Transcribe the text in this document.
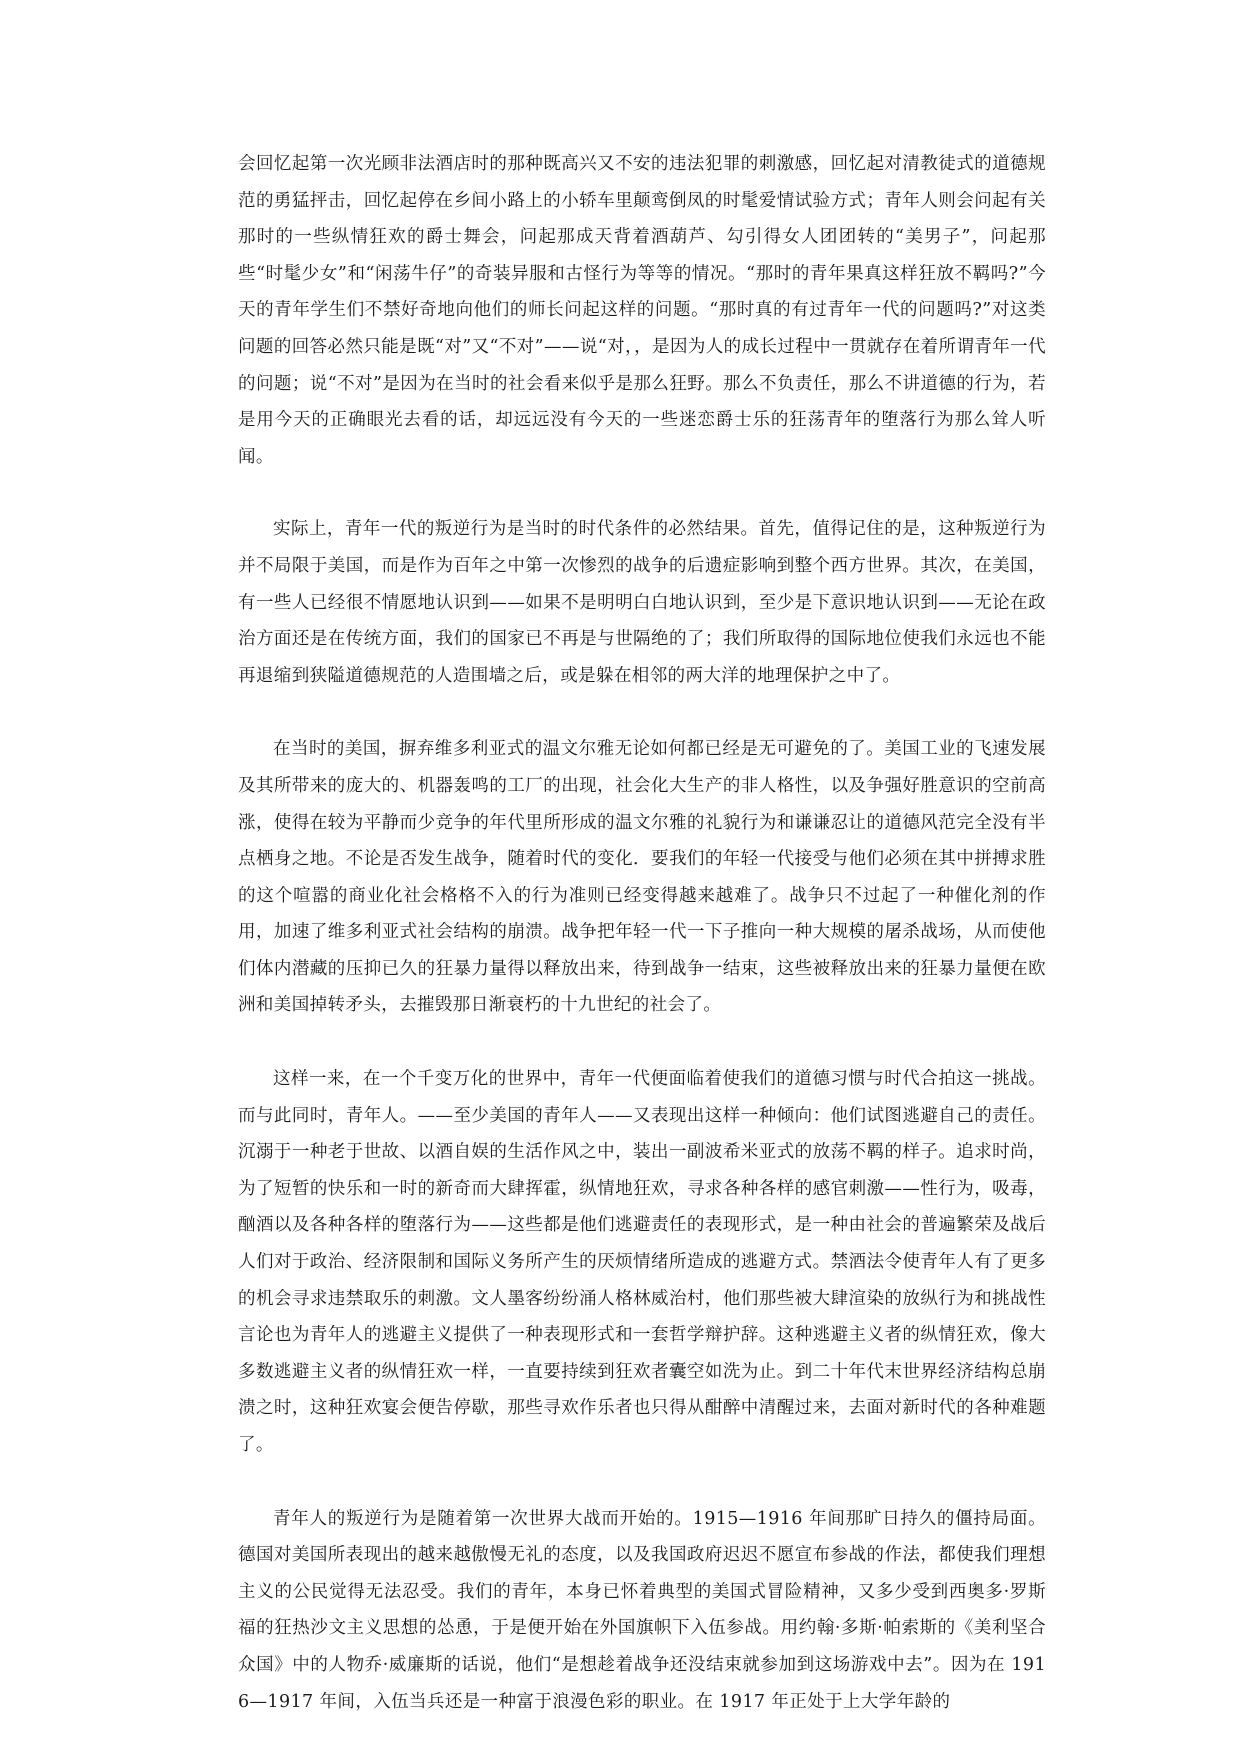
会回忆起第一次光顾非法酒店时的那种既高兴又不安的违法犯罪的刺激感，回忆起对清教徒式的道德规范的勇猛抨击，回忆起停在乡间小路上的小轿车里颠鸾倒凤的时髦爱情试验方式；青年人则会问起有关那时的一些纵情狂欢的爵士舞会，问起那成天背着酒葫芦、勾引得女人团团转的“美男子”，问起那些“时髦少女”和“闲荡牛仔”的奇装异服和古怪行为等等的情况。“那时的青年果真这样狂放不羁吗?”今天的青年学生们不禁好奇地向他们的师长问起这样的问题。“那时真的有过青年一代的问题吗?”对这类问题的回答必然只能是既“对”又“不对”——说“对，，是因为人的成长过程中一贯就存在着所谓青年一代的问题；说“不对”是因为在当时的社会看来似乎是那么狂野。那么不负责任，那么不讲道德的行为，若是用今天的正确眼光去看的话，却远远没有今天的一些迷恋爵士乐的狂荡青年的堕落行为那么耸人听闻。

实际上，青年一代的叛逆行为是当时的时代条件的必然结果。首先，值得记住的是，这种叛逆行为并不局限于美国，而是作为百年之中第一次惨烈的战争的后遗症影响到整个西方世界。其次，在美国，有一些人已经很不情愿地认识到——如果不是明明白白地认识到，至少是下意识地认识到——无论在政治方面还是在传统方面，我们的国家已不再是与世隔绝的了；我们所取得的国际地位使我们永远也不能再退缩到狭隘道德规范的人造围墙之后，或是躲在相邻的两大洋的地理保护之中了。

在当时的美国，摒弃维多利亚式的温文尔雅无论如何都已经是无可避免的了。美国工业的飞速发展及其所带来的庞大的、机器轰鸣的工厂的出现，社会化大生产的非人格性，以及争强好胜意识的空前高涨，使得在较为平静而少竞争的年代里所形成的温文尔雅的礼貌行为和谦谦忍让的道德风范完全没有半点栖身之地。不论是否发生战争，随着时代的变化．要我们的年轻一代接受与他们必须在其中拼搏求胜的这个喧嚣的商业化社会格格不入的行为准则已经变得越来越难了。战争只不过起了一种催化剂的作用，加速了维多利亚式社会结构的崩溃。战争把年轻一代一下子推向一种大规模的屠杀战场，从而使他们体内潜藏的压抑已久的狂暴力量得以释放出来，待到战争一结束，这些被释放出来的狂暴力量便在欧洲和美国掉转矛头，去摧毁那日渐衰朽的十九世纪的社会了。

这样一来，在一个千变万化的世界中，青年一代便面临着使我们的道德习惯与时代合拍这一挑战。而与此同时，青年人。——至少美国的青年人——又表现出这样一种倾向：他们试图逃避自己的责任。沉溺于一种老于世故、以酒自娱的生活作风之中，装出一副波希米亚式的放荡不羁的样子。追求时尚，为了短暂的快乐和一时的新奇而大肆挥霍，纵情地狂欢，寻求各种各样的感官刺激——性行为，吸毒，酗酒以及各种各样的堕落行为——这些都是他们逃避责任的表现形式，是一种由社会的普遍繁荣及战后人们对于政治、经济限制和国际义务所产生的厌烦情绪所造成的逃避方式。禁酒法令使青年人有了更多的机会寻求违禁取乐的刺激。文人墨客纷纷涌人格林威治村，他们那些被大肆渲染的放纵行为和挑战性言论也为青年人的逃避主义提供了一种表现形式和一套哲学辩护辞。这种逃避主义者的纵情狂欢，像大多数逃避主义者的纵情狂欢一样，一直要持续到狂欢者囊空如洗为止。到二十年代末世界经济结构总崩溃之时，这种狂欢宴会便告停歇，那些寻欢作乐者也只得从酣醉中清醒过来，去面对新时代的各种难题了。

青年人的叛逆行为是随着第一次世界大战而开始的。1915—1916 年间那旷日持久的僵持局面。德国对美国所表现出的越来越傲慢无礼的态度，以及我国政府迟迟不愿宣布参战的作法，都使我们理想主义的公民觉得无法忍受。我们的青年，本身已怀着典型的美国式冒险精神，又多少受到西奥多·罗斯福的狂热沙文主义思想的怂恿，于是便开始在外国旗帜下入伍参战。用约翰·多斯·帕索斯的《美利坚合众国》中的人物乔·威廉斯的话说，他们“是想趁着战争还没结束就参加到这场游戏中去”。因为在 1916—1917 年间，入伍当兵还是一种富于浪漫色彩的职业。在 1917 年正处于上大学年龄的
